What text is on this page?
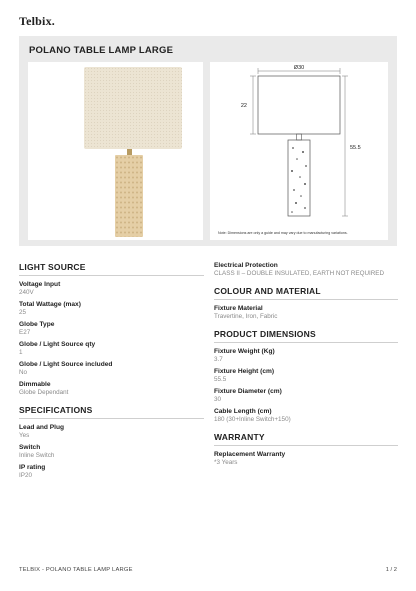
Telbix.
POLANO TABLE LAMP LARGE
Ø30
22
55.5
Note: Dimensions are only a guide and may vary due to manufacturing variations.
LIGHT SOURCE
Voltage Input
240V
Total Wattage (max)
25
Globe Type
E27
Globe / Light Source qty
1
Globe / Light Source included
No
Dimmable
Globe Dependant
SPECIFICATIONS
Lead and Plug
Yes
Switch
Inline Switch
IP rating
IP20
Electrical Protection
CLASS II – DOUBLE INSULATED, EARTH NOT REQUIRED
COLOUR AND MATERIAL
Fixture Material
Travertine, Iron, Fabric
PRODUCT DIMENSIONS
Fixture Weight (Kg)
3.7
Fixture Height (cm)
55.5
Fixture Diameter (cm)
30
Cable Length (cm)
180 (30+Inline Switch+150)
WARRANTY
Replacement Warranty
*3 Years
TELBIX - POLANO TABLE LAMP LARGE	1 / 2
